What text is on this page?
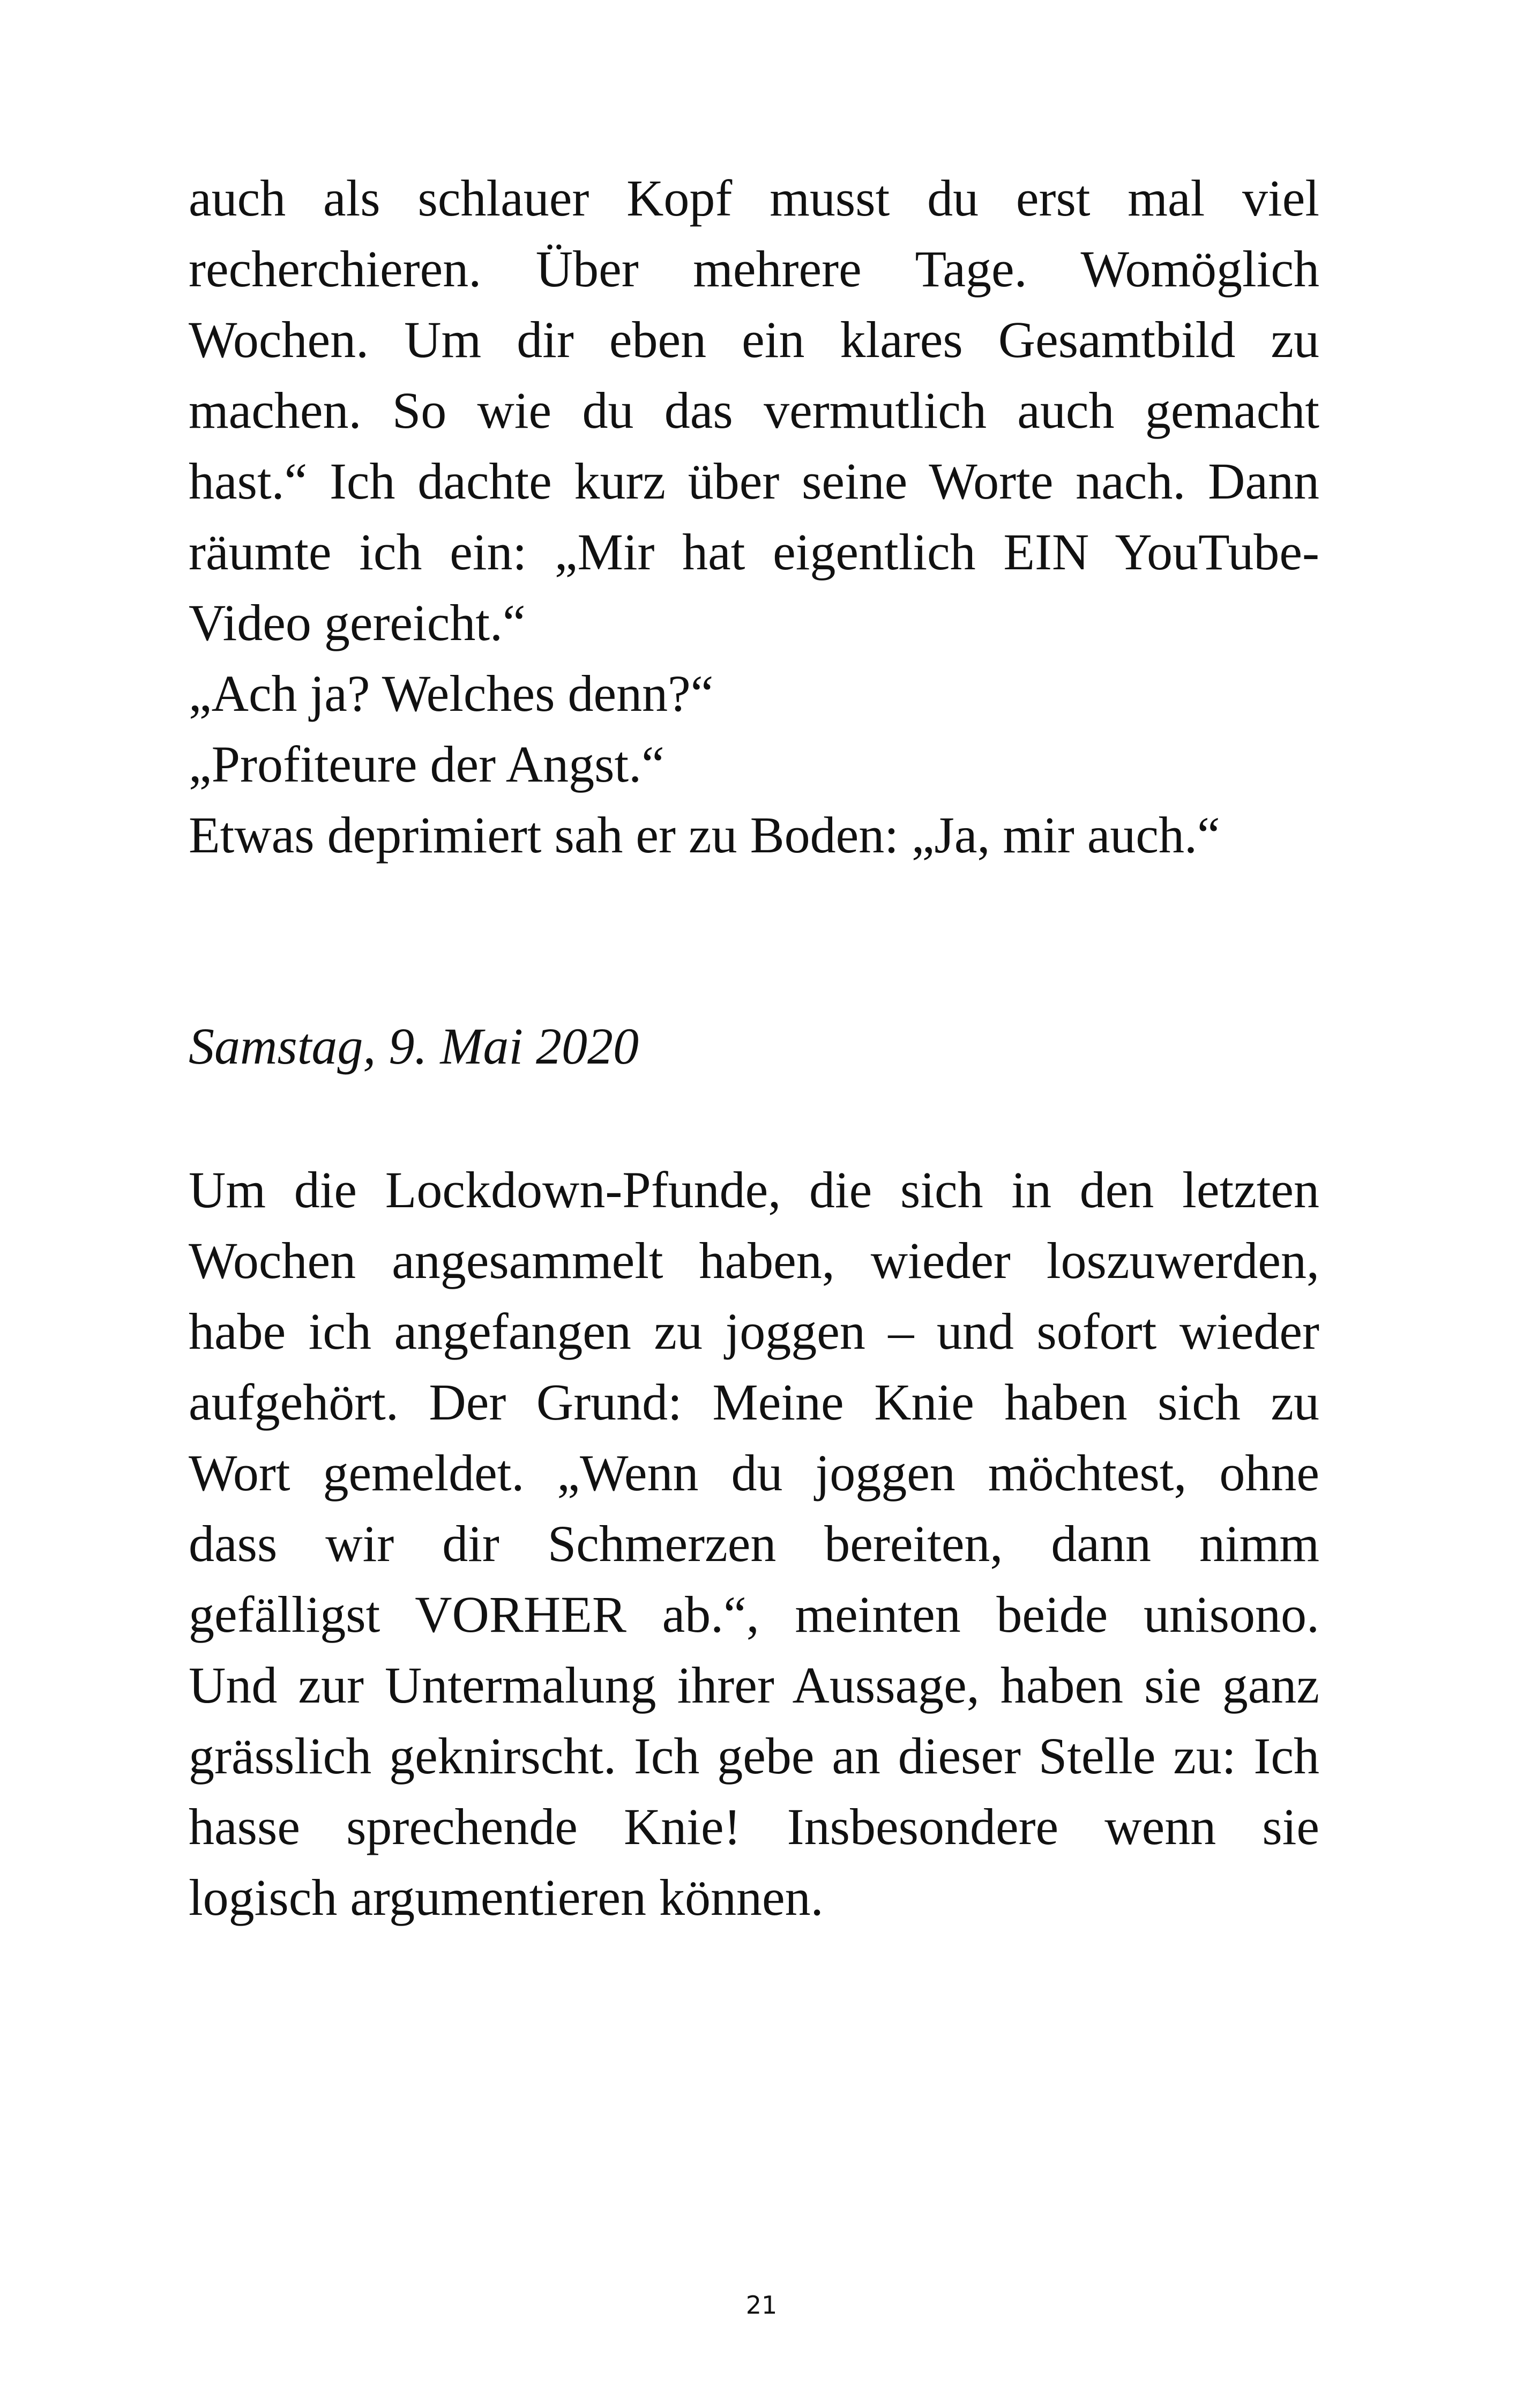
auch als schlauer Kopf musst du erst mal viel
recherchieren. Über mehrere Tage. Womöglich
Wochen. Um dir eben ein klares Gesamtbild zu
machen. So wie du das vermutlich auch gemacht
hast.“ Ich dachte kurz über seine Worte nach. Dann
räumte ich ein: „Mir hat eigentlich EIN YouTube-
Video gereicht.“
„Ach ja? Welches denn?“
„Profiteure der Angst.“
Etwas deprimiert sah er zu Boden: „Ja, mir auch.“
Samstag, 9. Mai 2020
Um die Lockdown-Pfunde, die sich in den letzten
Wochen angesammelt haben, wieder loszuwerden,
habe ich angefangen zu joggen – und sofort wieder
aufgehört. Der Grund: Meine Knie haben sich zu
Wort gemeldet. „Wenn du joggen möchtest, ohne
dass wir dir Schmerzen bereiten, dann nimm
gefälligst VORHER ab.“, meinten beide unisono.
Und zur Untermalung ihrer Aussage, haben sie ganz
grässlich geknirscht. Ich gebe an dieser Stelle zu: Ich
hasse sprechende Knie! Insbesondere wenn sie
logisch argumentieren können.
21
